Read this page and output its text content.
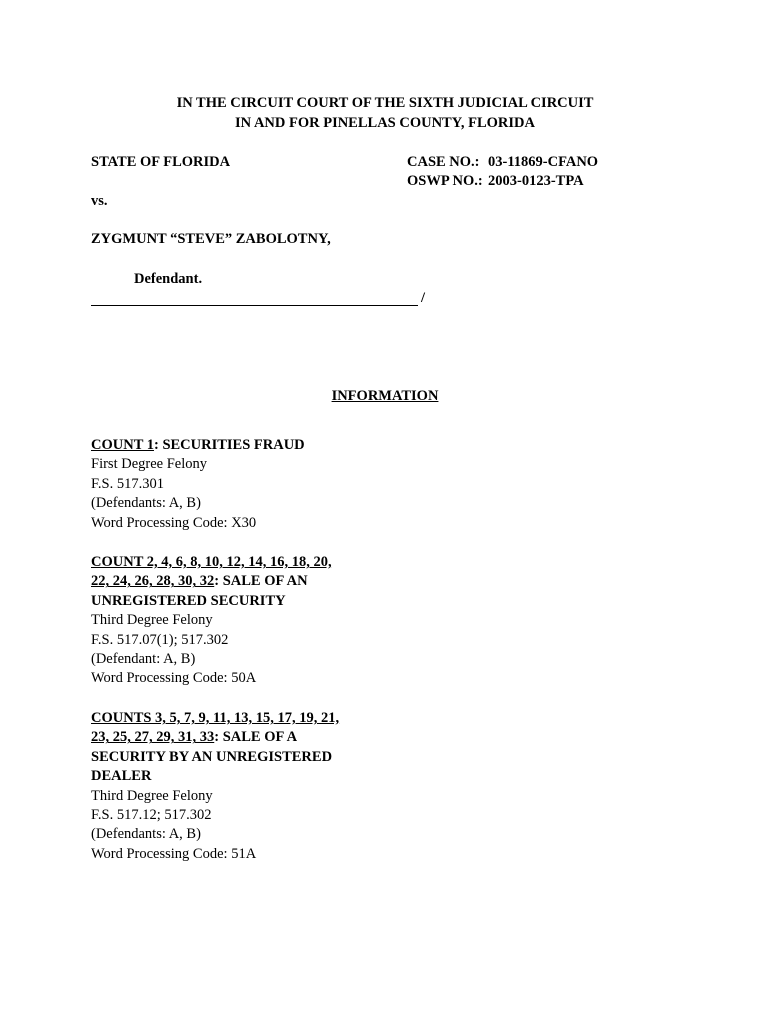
IN THE CIRCUIT COURT OF THE SIXTH JUDICIAL CIRCUIT
IN AND FOR PINELLAS COUNTY, FLORIDA
STATE OF FLORIDA	CASE NO.: 03-11869-CFANO
OSWP NO.: 2003-0123-TPA
vs.
ZYGMUNT “STEVE” ZABOLOTNY,
Defendant.
/
INFORMATION
COUNT 1: SECURITIES FRAUD
First Degree Felony
F.S. 517.301
(Defendants: A, B)
Word Processing Code: X30
COUNT 2, 4, 6, 8, 10, 12, 14, 16, 18, 20,
22, 24, 26, 28, 30, 32: SALE OF AN
UNREGISTERED SECURITY
Third Degree Felony
F.S. 517.07(1); 517.302
(Defendant: A, B)
Word Processing Code: 50A
COUNTS 3, 5, 7, 9, 11, 13, 15, 17, 19, 21,
23, 25, 27, 29, 31, 33: SALE OF A
SECURITY BY AN UNREGISTERED
DEALER
Third Degree Felony
F.S. 517.12; 517.302
(Defendants: A, B)
Word Processing Code: 51A
